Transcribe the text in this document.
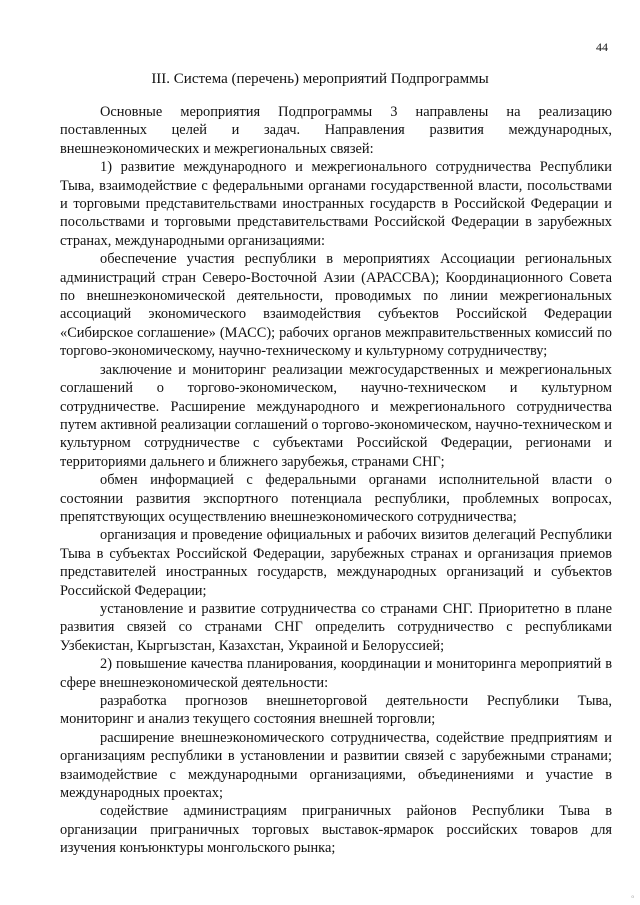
44
III. Система (перечень) мероприятий Подпрограммы

Основные мероприятия Подпрограммы 3 направлены на реализацию поставленных целей и задач. Направления развития международных, внешнеэкономических и межрегиональных связей:

1) развитие международного и межрегионального сотрудничества Республики Тыва, взаимодействие с федеральными органами государственной власти, посольствами и торговыми представительствами иностранных государств в Российской Федерации и посольствами и торговыми представительствами Российской Федерации в зарубежных странах, международными организациями:

обеспечение участия республики в мероприятиях Ассоциации региональных администраций стран Северо-Восточной Азии (АРАССВА); Координационного Совета по внешнеэкономической деятельности, проводимых по линии межрегиональных ассоциаций экономического взаимодействия субъектов Российской Федерации «Сибирское соглашение» (МАСС); рабочих органов межправительственных комиссий по торгово-экономическому, научно-техническому и культурному сотрудничеству;

заключение и мониторинг реализации межгосударственных и межрегиональных соглашений о торгово-экономическом, научно-техническом и культурном сотрудничестве. Расширение международного и межрегионального сотрудничества путем активной реализации соглашений о торгово-экономическом, научно-техническом и культурном сотрудничестве с субъектами Российской Федерации, регионами и территориями дальнего и ближнего зарубежья, странами СНГ;

обмен информацией с федеральными органами исполнительной власти о состоянии развития экспортного потенциала республики, проблемных вопросах, препятствующих осуществлению внешнеэкономического сотрудничества;

организация и проведение официальных и рабочих визитов делегаций Республики Тыва в субъектах Российской Федерации, зарубежных странах и организация приемов представителей иностранных государств, международных организаций и субъектов Российской Федерации;

установление и развитие сотрудничества со странами СНГ. Приоритетно в плане развития связей со странами СНГ определить сотрудничество с республиками Узбекистан, Кыргызстан, Казахстан, Украиной и Белоруссией;

2) повышение качества планирования, координации и мониторинга мероприятий в сфере внешнеэкономической деятельности:

разработка прогнозов внешнеторговой деятельности Республики Тыва, мониторинг и анализ текущего состояния внешней торговли;

расширение внешнеэкономического сотрудничества, содействие предприятиям и организациям республики в установлении и развитии связей с зарубежными странами; взаимодействие с международными организациями, объединениями и участие в международных проектах;

содействие администрациям приграничных районов Республики Тыва в организации приграничных торговых выставок-ярмарок российских товаров для изучения конъюнктуры монгольского рынка;

ₒ
